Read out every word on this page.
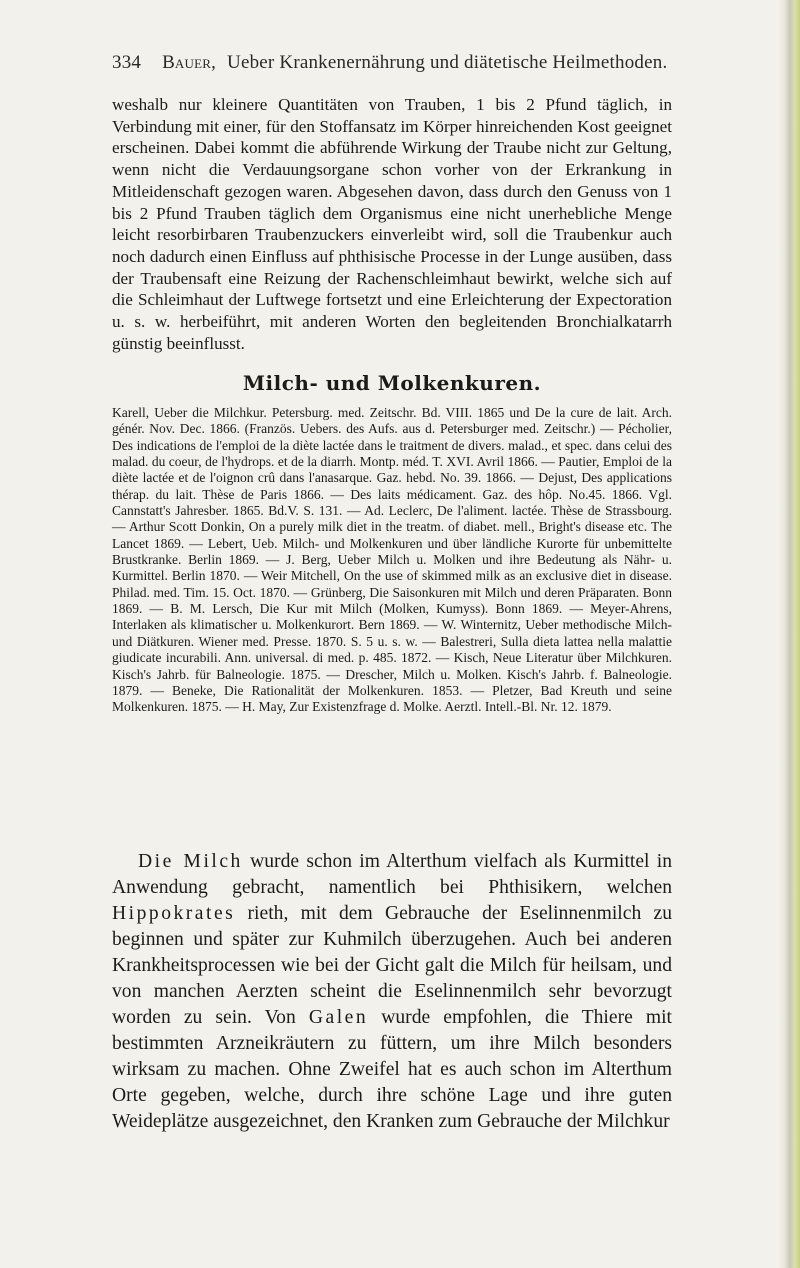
334 Bauer, Ueber Krankenernährung und diätetische Heilmethoden.

weshalb nur kleinere Quantitäten von Trauben, 1 bis 2 Pfund täglich, in Verbindung mit einer, für den Stoffansatz im Körper hinreichenden Kost geeignet erscheinen. Dabei kommt die abführende Wirkung der Traube nicht zur Geltung, wenn nicht die Verdauungsorgane schon vorher von der Erkrankung in Mitleidenschaft gezogen waren. Abgesehen davon, dass durch den Genuss von 1 bis 2 Pfund Trauben täglich dem Organismus eine nicht unerhebliche Menge leicht resorbirbaren Traubenzuckers einverleibt wird, soll die Traubenkur auch noch dadurch einen Einfluss auf phthisische Processe in der Lunge ausüben, dass der Traubensaft eine Reizung der Rachenschleimhaut bewirkt, welche sich auf die Schleimhaut der Luftwege fortsetzt und eine Erleichterung der Expectoration u. s. w. herbeiführt, mit anderen Worten den begleitenden Bronchialkatarrh günstig beeinflusst.

Milch- und Molkenkuren.

Karell, Ueber die Milchkur. Petersburg. med. Zeitschr. Bd. VIII. 1865 und De la cure de lait. Arch. génér. Nov. Dec. 1866. (Französ. Uebers. des Aufs. aus d. Petersburger med. Zeitschr.) — Pécholier, Des indications de l'emploi de la diète lactée dans le traitment de divers. malad., et spec. dans celui des malad. du coeur, de l'hydrops. et de la diarrh. Montp. méd. T. XVI. Avril 1866. — Pautier, Emploi de la diète lactée et de l'oignon crû dans l'anasarque. Gaz. hebd. No. 39. 1866. — Dejust, Des applications thérap. du lait. Thèse de Paris 1866. — Des laits médicament. Gaz. des hôp. No.45. 1866. Vgl. Cannstatt's Jahresber. 1865. Bd.V. S. 131. — Ad. Leclerc, De l'aliment. lactée. Thèse de Strassbourg. — Arthur Scott Donkin, On a purely milk diet in the treatm. of diabet. mell., Bright's disease etc. The Lancet 1869. — Lebert, Ueb. Milch- und Molkenkuren und über ländliche Kurorte für unbemittelte Brustkranke. Berlin 1869. — J. Berg, Ueber Milch u. Molken und ihre Bedeutung als Nähr- u. Kurmittel. Berlin 1870. — Weir Mitchell, On the use of skimmed milk as an exclusive diet in disease. Philad. med. Tim. 15. Oct. 1870. — Grünberg, Die Saisonkuren mit Milch und deren Präparaten. Bonn 1869. — B. M. Lersch, Die Kur mit Milch (Molken, Kumyss). Bonn 1869. — Meyer-Ahrens, Interlaken als klimatischer u. Molkenkurort. Bern 1869. — W. Winternitz, Ueber methodische Milch- und Diätkuren. Wiener med. Presse. 1870. S. 5 u. s. w. — Balestreri, Sulla dieta lattea nella malattie giudicate incurabili. Ann. universal. di med. p. 485. 1872. — Kisch, Neue Literatur über Milchkuren. Kisch's Jahrb. für Balneologie. 1875. — Drescher, Milch u. Molken. Kisch's Jahrb. f. Balneologie. 1879. — Beneke, Die Rationalität der Molkenkuren. 1853. — Pletzer, Bad Kreuth und seine Molkenkuren. 1875. — H. May, Zur Existenzfrage d. Molke. Aerztl. Intell.-Bl. Nr. 12. 1879.

Die Milch wurde schon im Alterthum vielfach als Kurmittel in Anwendung gebracht, namentlich bei Phthisikern, welchen Hippokrates rieth, mit dem Gebrauche der Eselinnenmilch zu beginnen und später zur Kuhmilch überzugehen. Auch bei anderen Krankheitsprocessen wie bei der Gicht galt die Milch für heilsam, und von manchen Aerzten scheint die Eselinnenmilch sehr bevorzugt worden zu sein. Von Galen wurde empfohlen, die Thiere mit bestimmten Arzneikräutern zu füttern, um ihre Milch besonders wirksam zu machen. Ohne Zweifel hat es auch schon im Alterthum Orte gegeben, welche, durch ihre schöne Lage und ihre guten Weideplätze ausgezeichnet, den Kranken zum Gebrauche der Milchkur
